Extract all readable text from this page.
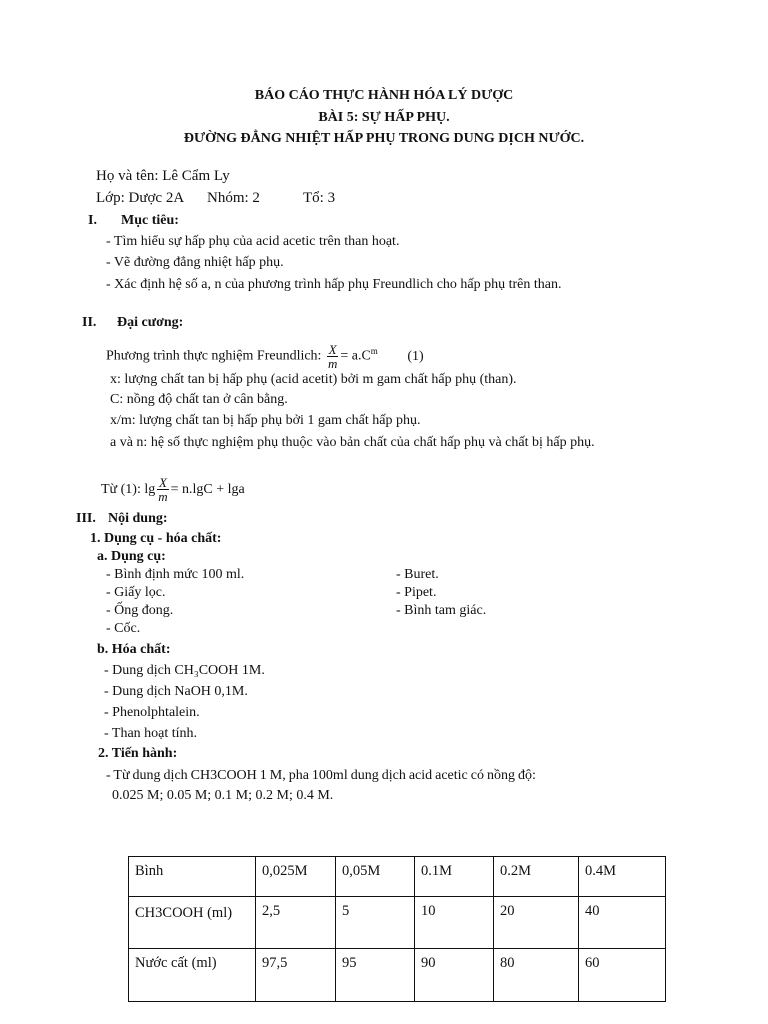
BÁO CÁO THỰC HÀNH HÓA LÝ DƯỢC
BÀI 5: SỰ HẤP PHỤ.
ĐƯỜNG ĐẲNG NHIỆT HẤP PHỤ TRONG DUNG DỊCH NƯỚC.
Họ và tên: Lê Cẩm Ly
Lớp: Dược 2A Nhóm: 2	Tổ: 3
I. Mục tiêu:
- Tìm hiểu sự hấp phụ của acid acetic trên than hoạt.
- Vẽ đường đẳng nhiệt hấp phụ.
- Xác định hệ số a, n của phương trình hấp phụ Freundlich cho hấp phụ trên than.
II. Đại cương:
Phương trình thực nghiệm Freundlich: $\frac{X}{m} = a.C^m$ (1)
x: lượng chất tan bị hấp phụ (acid acetit) bởi m gam chất hấp phụ (than).
C: nồng độ chất tan ở cân bằng.
x/m: lượng chất tan bị hấp phụ bởi 1 gam chất hấp phụ.
a và n: hệ số thực nghiệm phụ thuộc vào bản chất của chất hấp phụ và chất bị hấp phụ.
Từ (1): $\lg \frac{X}{m} = n.\lg C + \lg a$
III. Nội dung:
1. Dụng cụ - hóa chất:
a. Dụng cụ:
- Bình định mức 100 ml.
- Giấy lọc.
- Ống đong.
- Cốc.
- Buret.
- Pipet.
- Bình tam giác.
b. Hóa chất:
- Dung dịch CH₃COOH 1M.
- Dung dịch NaOH 0,1M.
- Phenolphtalein.
- Than hoạt tính.
2. Tiến hành:
- Từ dung dịch CH3COOH 1 M, pha 100ml dung dịch acid acetic có nồng độ:
0.025 M; 0.05 M; 0.1 M; 0.2 M; 0.4 M.
Bình	0,025M	0,05M	0.1M	0.2M	0.4M
CH3COOH (ml)	2,5	5	10	20	40
Nước cất (ml)	97,5	95	90	80	60
